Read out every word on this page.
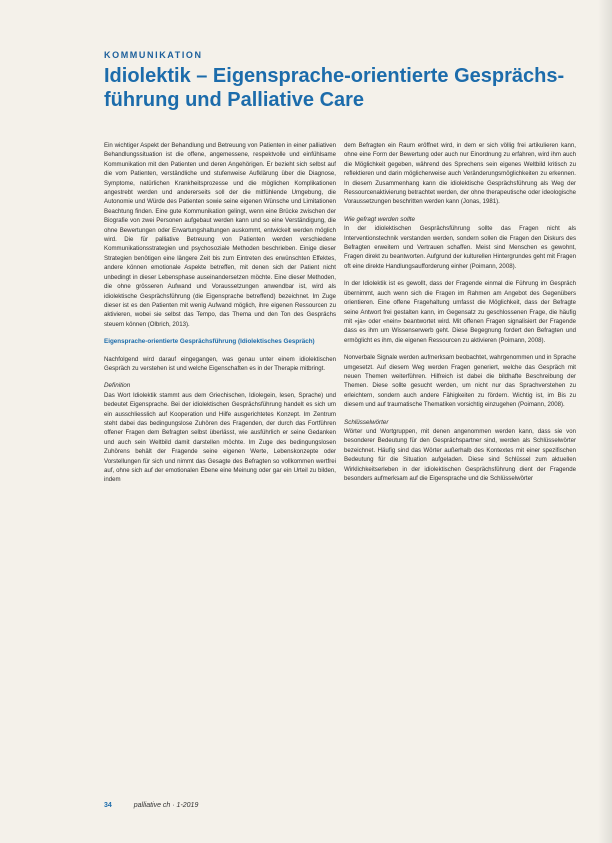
KOMMUNIKATION
Idiolektik – Eigensprache-orientierte Gesprächs-führung und Palliative Care

Ein wichtiger Aspekt der Behandlung und Betreuung von Patienten in einer palliativen Behandlungssituation ist die offene, angemessene, respektvolle und einfühlsame Kommunikation mit den Patienten und deren Angehörigen. Er bezieht sich selbst auf die vom Patienten, verständliche und stufenweise Aufklärung über die Diagnose, Symptome, natürlichen Krankheitsprozesse und die möglichen Komplikationen angestrebt werden und andererseits soll der die mitfühlende Umgebung, die Autonomie und Würde des Patienten sowie seine eigenen Wünsche und Limitationen Beachtung finden. Eine gute Kommunikation gelingt, wenn eine Brücke zwischen der Biografie von zwei Personen aufgebaut werden kann und so eine Verständigung, die ohne Bewertungen oder Erwartungshaltungen auskommt, entwickelt werden möglich wird. Die für palliative Betreuung von Patienten werden verschiedene Kommunikationsstrategien und psychosoziale Methoden beschrieben. Einige dieser Strategien benötigen eine längere Zeit bis zum Eintreten des erwünschten Effektes, andere können emotionale Aspekte betreffen, mit denen sich der Patient nicht unbedingt in dieser Lebensphase auseinandersetzen möchte. Eine dieser Methoden, die ohne grösseren Aufwand und Voraussetzungen anwendbar ist, wird als idiolektische Gesprächsführung (die Eigensprache betreffend) bezeichnet. Im Zuge dieser ist es den Patienten mit wenig Aufwand möglich, ihre eigenen Ressourcen zu aktivieren, wobei sie selbst das Tempo, das Thema und den Ton des Gesprächs steuern können (Olbrich, 2013).

Eigensprache-orientierte Gesprächsführung (Idiolektisches Gespräch)

Nachfolgend wird darauf eingegangen, was genau unter einem idiolektischen Gespräch zu verstehen ist und welche Eigenschaften es in der Therapie mitbringt.

Definition

Das Wort Idiolektik stammt aus dem Griechischen, Idiolegein, lesen, Sprache) und bedeutet Eigensprache. Bei der idiolektischen Gesprächsführung handelt es sich um ein ausschliesslich auf Kooperation und Hilfe ausgerichtetes Konzept. Im Zentrum steht dabei das bedingungslose Zuhören des Fragenden, der durch das Fortführen offener Fragen dem Befragten selbst überlässt, wie ausführlich er seine Gedanken und auch sein Weltbild damit darstellen möchte. Im Zuge des bedingungslosen Zuhörens behält der Fragende seine eigenen Werte, Lebenskonzepte oder Vorstellungen für sich und nimmt das Gesagte des Befragten so vollkommen wertfrei auf, ohne sich auf der emotionalen Ebene eine Meinung oder gar ein Urteil zu bilden, indem

dem Befragten ein Raum eröffnet wird, in dem er sich völlig frei artikulieren kann, ohne eine Form der Bewertung oder auch nur Einordnung zu erfahren, wird ihm auch die Möglichkeit gegeben, während des Sprechens sein eigenes Weltbild kritisch zu reflektieren und darin möglicherweise auch Veränderungsmöglichkeiten zu erkennen. In diesem Zusammenhang kann die idiolektische Gesprächsführung als Weg der Ressourcenaktivierung betrachtet werden, der ohne therapeutische oder ideologische Voraussetzungen beschritten werden kann (Jonas, 1981).

Wie gefragt werden sollte

In der idiolektischen Gesprächsführung sollte das Fragen nicht als Interventionstechnik verstanden werden, sondern sollen die Fragen den Diskurs des Befragten erweitern und Vertrauen schaffen. Meist sind Menschen es gewohnt, Fragen direkt zu beantworten. Aufgrund der kulturellen Hintergrundes geht mit Fragen oft eine direkte Handlungsaufforderung einher (Poimann, 2008).

In der Idiolektik ist es gewollt, dass der Fragende einmal die Führung im Gespräch übernimmt, auch wenn sich die Fragen im Rahmen am Angebot des Gegenübers orientieren. Eine offene Fragehaltung umfasst die Möglichkeit, dass der Befragte seine Antwort frei gestalten kann, im Gegensatz zu geschlossenen Frage, die häufig mit «ja» oder «nein» beantwortet wird. Mit offenen Fragen signalisiert der Fragende dass es ihm um Wissenserwerb geht. Diese Begegnung fordert den Befragten und ermöglicht es ihm, die eigenen Ressourcen zu aktivieren (Poimann, 2008).

Nonverbale Signale werden aufmerksam beobachtet, wahrgenommen und in Sprache umgesetzt. Auf diesem Weg werden Fragen generiert, welche das Gespräch mit neuen Themen weiterführen. Hilfreich ist dabei die bildhafte Beschreibung der Themen. Diese sollte gesucht werden, um nicht nur das Sprachverstehen zu erleichtern, sondern auch andere Fähigkeiten zu fördern. Wichtig ist, im Bis zu diesem und auf traumatische Thematiken vorsichtig einzugehen (Poimann, 2008).

Schlüsselwörter

Wörter und Wortgruppen, mit denen angenommen werden kann, dass sie von besonderer Bedeutung für den Gesprächspartner sind, werden als Schlüsselwörter bezeichnet. Häufig sind das Wörter außerhalb des Kontextes mit einer spezifischen Bedeutung für die Situation aufgeladen. Diese sind Schlüssel zum aktuellen Wirklichkeitserleben in der idiolektischen Gesprächsführung dient der Fragende besonders aufmerksam auf die Eigensprache und die Schlüsselwörter

34	palliative ch · 1-2019
